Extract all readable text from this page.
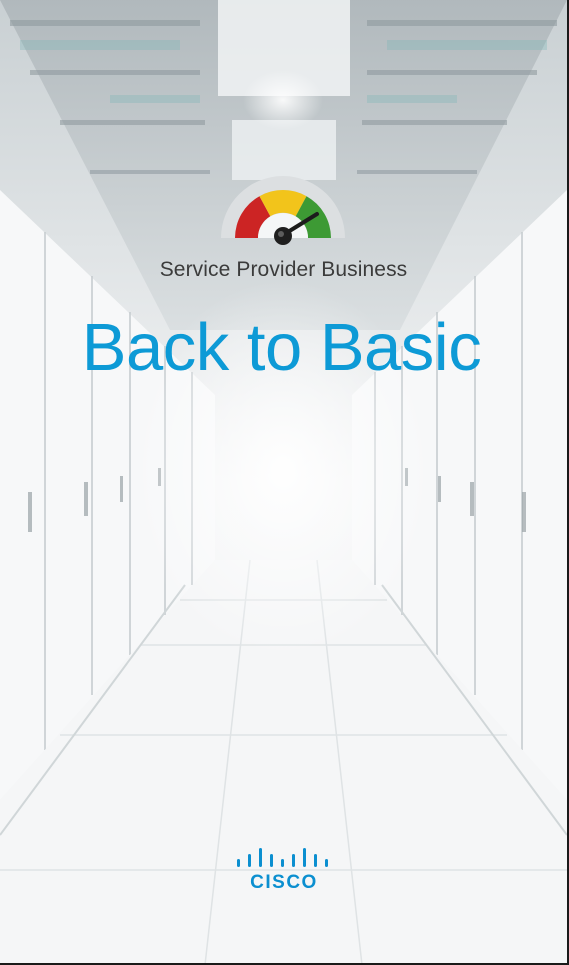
Service Provider Business
Back to Basic
CISCO
